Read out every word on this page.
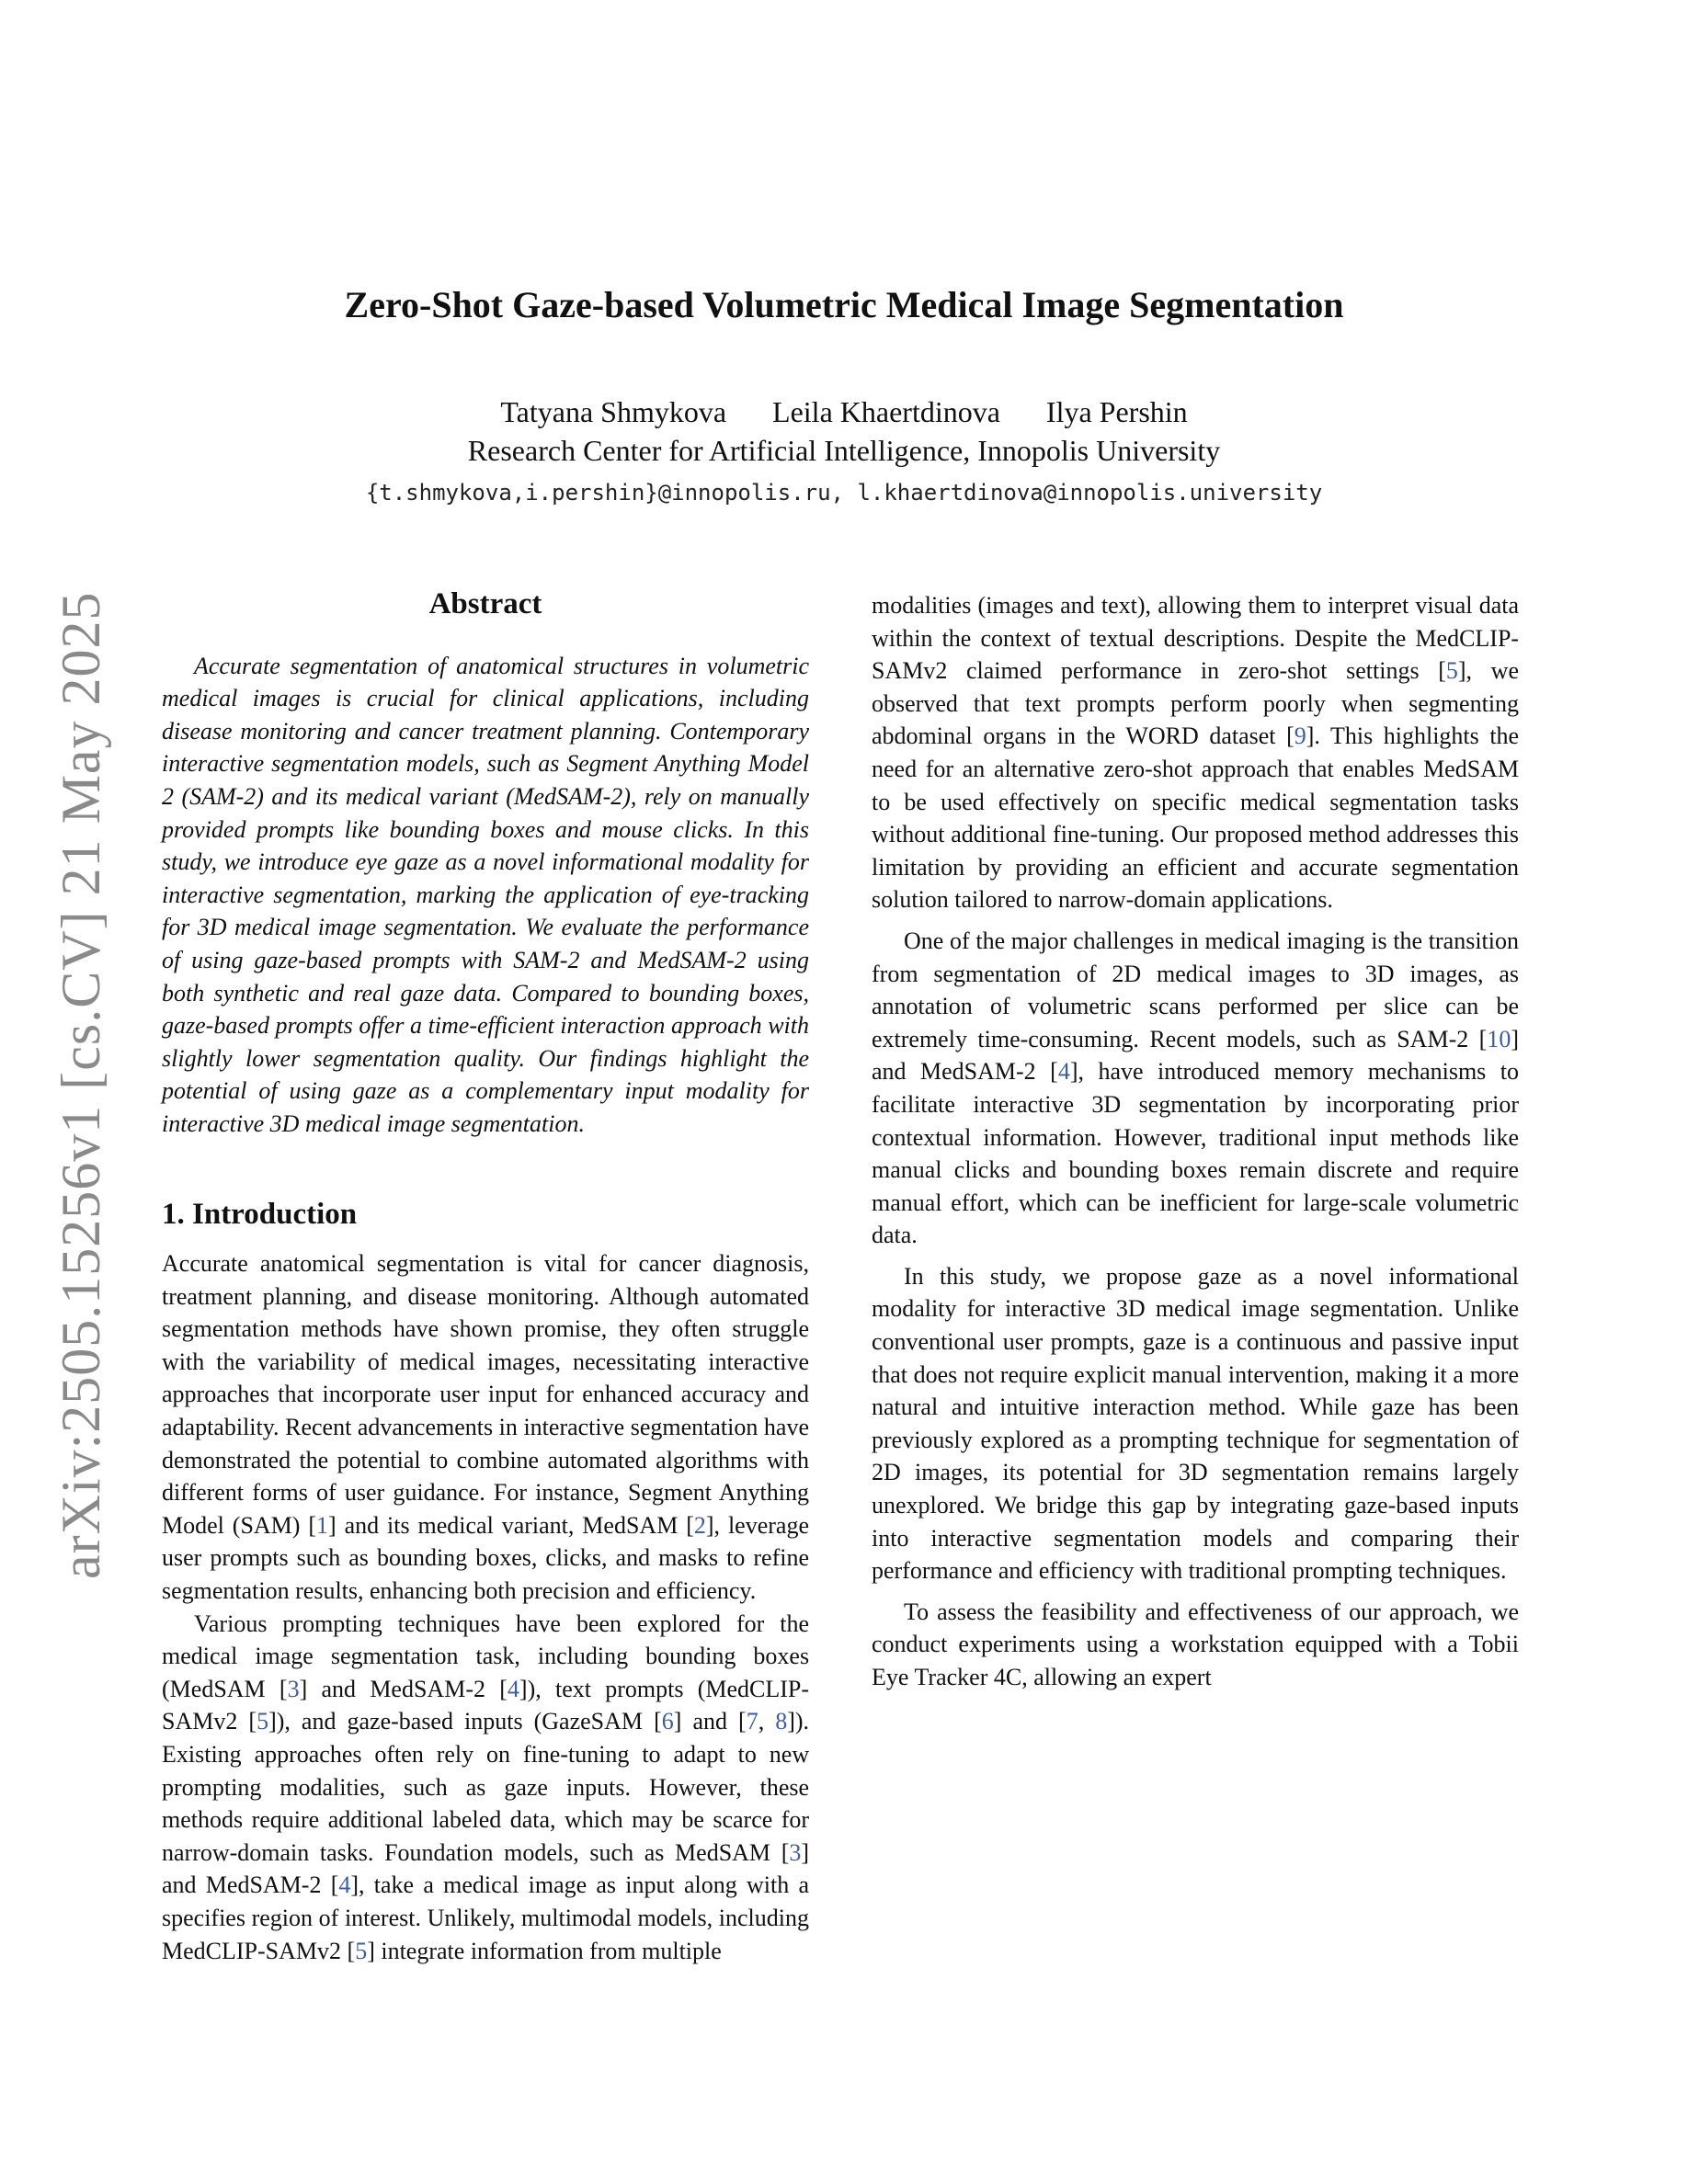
arXiv:2505.15256v1 [cs.CV] 21 May 2025
Zero-Shot Gaze-based Volumetric Medical Image Segmentation
Tatyana Shmykova Leila Khaertdinova Ilya Pershin
Research Center for Artificial Intelligence, Innopolis University
{t.shmykova,i.pershin}@innopolis.ru, l.khaertdinova@innopolis.university
Abstract

Accurate segmentation of anatomical structures in volumetric medical images is crucial for clinical applications, including disease monitoring and cancer treatment planning. Contemporary interactive segmentation models, such as Segment Anything Model 2 (SAM-2) and its medical variant (MedSAM-2), rely on manually provided prompts like bounding boxes and mouse clicks. In this study, we introduce eye gaze as a novel informational modality for interactive segmentation, marking the application of eye-tracking for 3D medical image segmentation. We evaluate the performance of using gaze-based prompts with SAM-2 and MedSAM-2 using both synthetic and real gaze data. Compared to bounding boxes, gaze-based prompts offer a time-efficient interaction approach with slightly lower segmentation quality. Our findings highlight the potential of using gaze as a complementary input modality for interactive 3D medical image segmentation.

1. Introduction

Accurate anatomical segmentation is vital for cancer diagnosis, treatment planning, and disease monitoring. Although automated segmentation methods have shown promise, they often struggle with the variability of medical images, necessitating interactive approaches that incorporate user input for enhanced accuracy and adaptability. Recent advancements in interactive segmentation have demonstrated the potential to combine automated algorithms with different forms of user guidance. For instance, Segment Anything Model (SAM) [1] and its medical variant, MedSAM [2], leverage user prompts such as bounding boxes, clicks, and masks to refine segmentation results, enhancing both precision and efficiency.

Various prompting techniques have been explored for the medical image segmentation task, including bounding boxes (MedSAM [3] and MedSAM-2 [4]), text prompts (MedCLIP-SAMv2 [5]), and gaze-based inputs (GazeSAM [6] and [7, 8]). Existing approaches often rely on fine-tuning to adapt to new prompting modalities, such as gaze inputs. However, these methods require additional labeled data, which may be scarce for narrow-domain tasks. Foundation models, such as MedSAM [3] and MedSAM-2 [4], take a medical image as input along with a specifies region of interest. Unlikely, multimodal models, including MedCLIP-SAMv2 [5] integrate information from multiple

modalities (images and text), allowing them to interpret visual data within the context of textual descriptions. Despite the MedCLIP-SAMv2 claimed performance in zero-shot settings [5], we observed that text prompts perform poorly when segmenting abdominal organs in the WORD dataset [9]. This highlights the need for an alternative zero-shot approach that enables MedSAM to be used effectively on specific medical segmentation tasks without additional fine-tuning. Our proposed method addresses this limitation by providing an efficient and accurate segmentation solution tailored to narrow-domain applications.

One of the major challenges in medical imaging is the transition from segmentation of 2D medical images to 3D images, as annotation of volumetric scans performed per slice can be extremely time-consuming. Recent models, such as SAM-2 [10] and MedSAM-2 [4], have introduced memory mechanisms to facilitate interactive 3D segmentation by incorporating prior contextual information. However, traditional input methods like manual clicks and bounding boxes remain discrete and require manual effort, which can be inefficient for large-scale volumetric data.

In this study, we propose gaze as a novel informational modality for interactive 3D medical image segmentation. Unlike conventional user prompts, gaze is a continuous and passive input that does not require explicit manual intervention, making it a more natural and intuitive interaction method. While gaze has been previously explored as a prompting technique for segmentation of 2D images, its potential for 3D segmentation remains largely unexplored. We bridge this gap by integrating gaze-based inputs into interactive segmentation models and comparing their performance and efficiency with traditional prompting techniques.

To assess the feasibility and effectiveness of our approach, we conduct experiments using a workstation equipped with a Tobii Eye Tracker 4C, allowing an expert
